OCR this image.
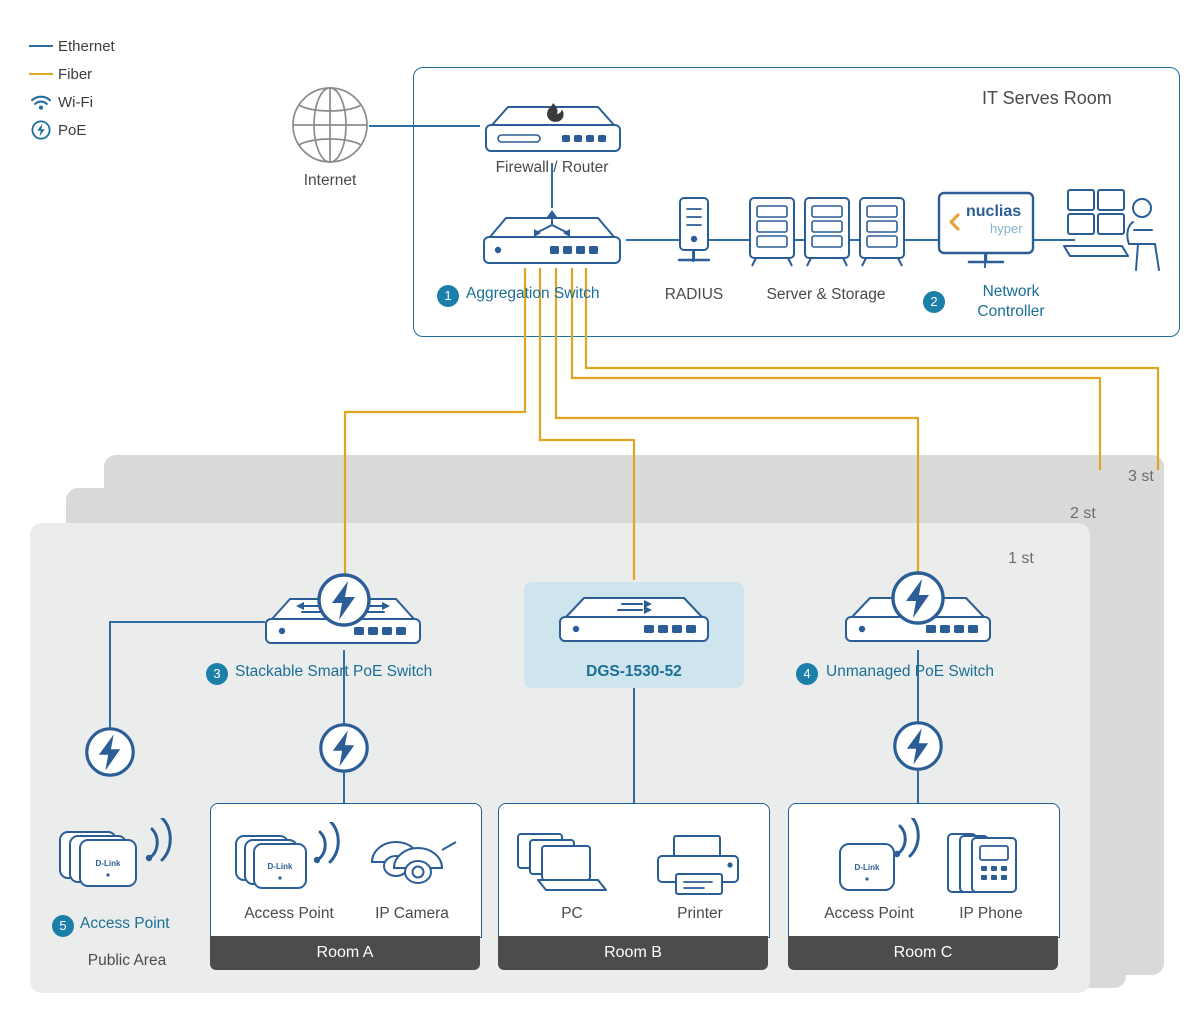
Ethernet
Fiber
Wi-Fi
PoE
3 st
2 st
1 st
IT Serves Room
Internet
Firewall / Router
1 Aggregation Switch	RADIUS	Server & Storage
nuclias
hyper
2
Network
Controller
3 Stackable Smart PoE Switch	DGS-1530-52	4 Unmanaged PoE Switch
D-Link
5 Access Point
Public Area
D-Link
Access Point	IP Camera
Room A
PC	Printer
Room B
D-Link
Access Point	IP Phone
Room C
